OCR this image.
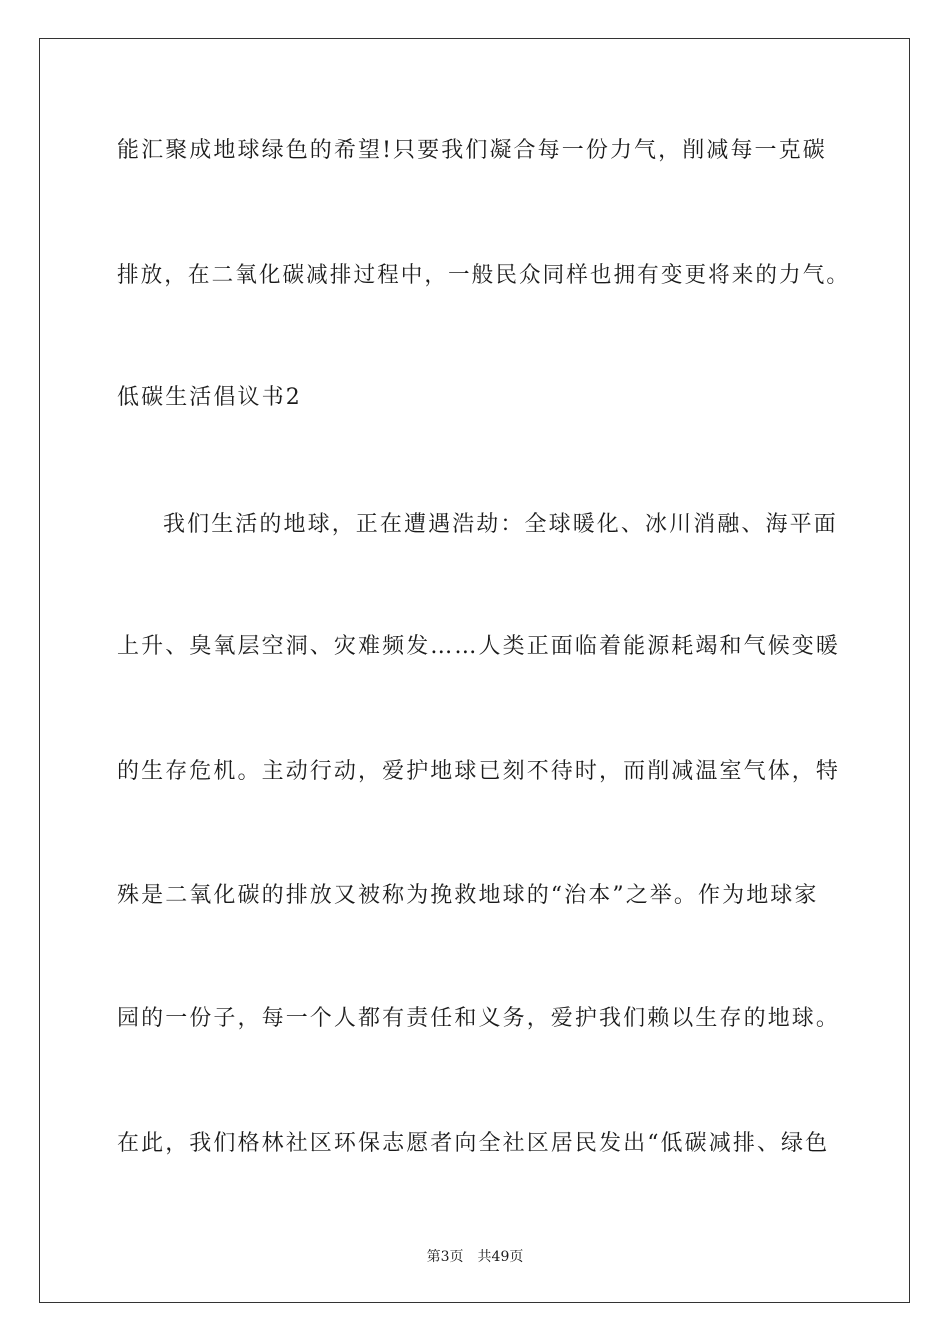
能汇聚成地球绿色的希望!只要我们凝合每一份力气，削减每一克碳
排放，在二氧化碳减排过程中，一般民众同样也拥有变更将来的力气。
低碳生活倡议书2
我们生活的地球，正在遭遇浩劫：全球暖化、冰川消融、海平面
上升、臭氧层空洞、灾难频发……人类正面临着能源耗竭和气候变暖
的生存危机。主动行动，爱护地球已刻不待时，而削减温室气体，特
殊是二氧化碳的排放又被称为挽救地球的“治本”之举。作为地球家
园的一份子，每一个人都有责任和义务，爱护我们赖以生存的地球。
在此，我们格林社区环保志愿者向全社区居民发出“低碳减排、绿色
第3页 共49页
